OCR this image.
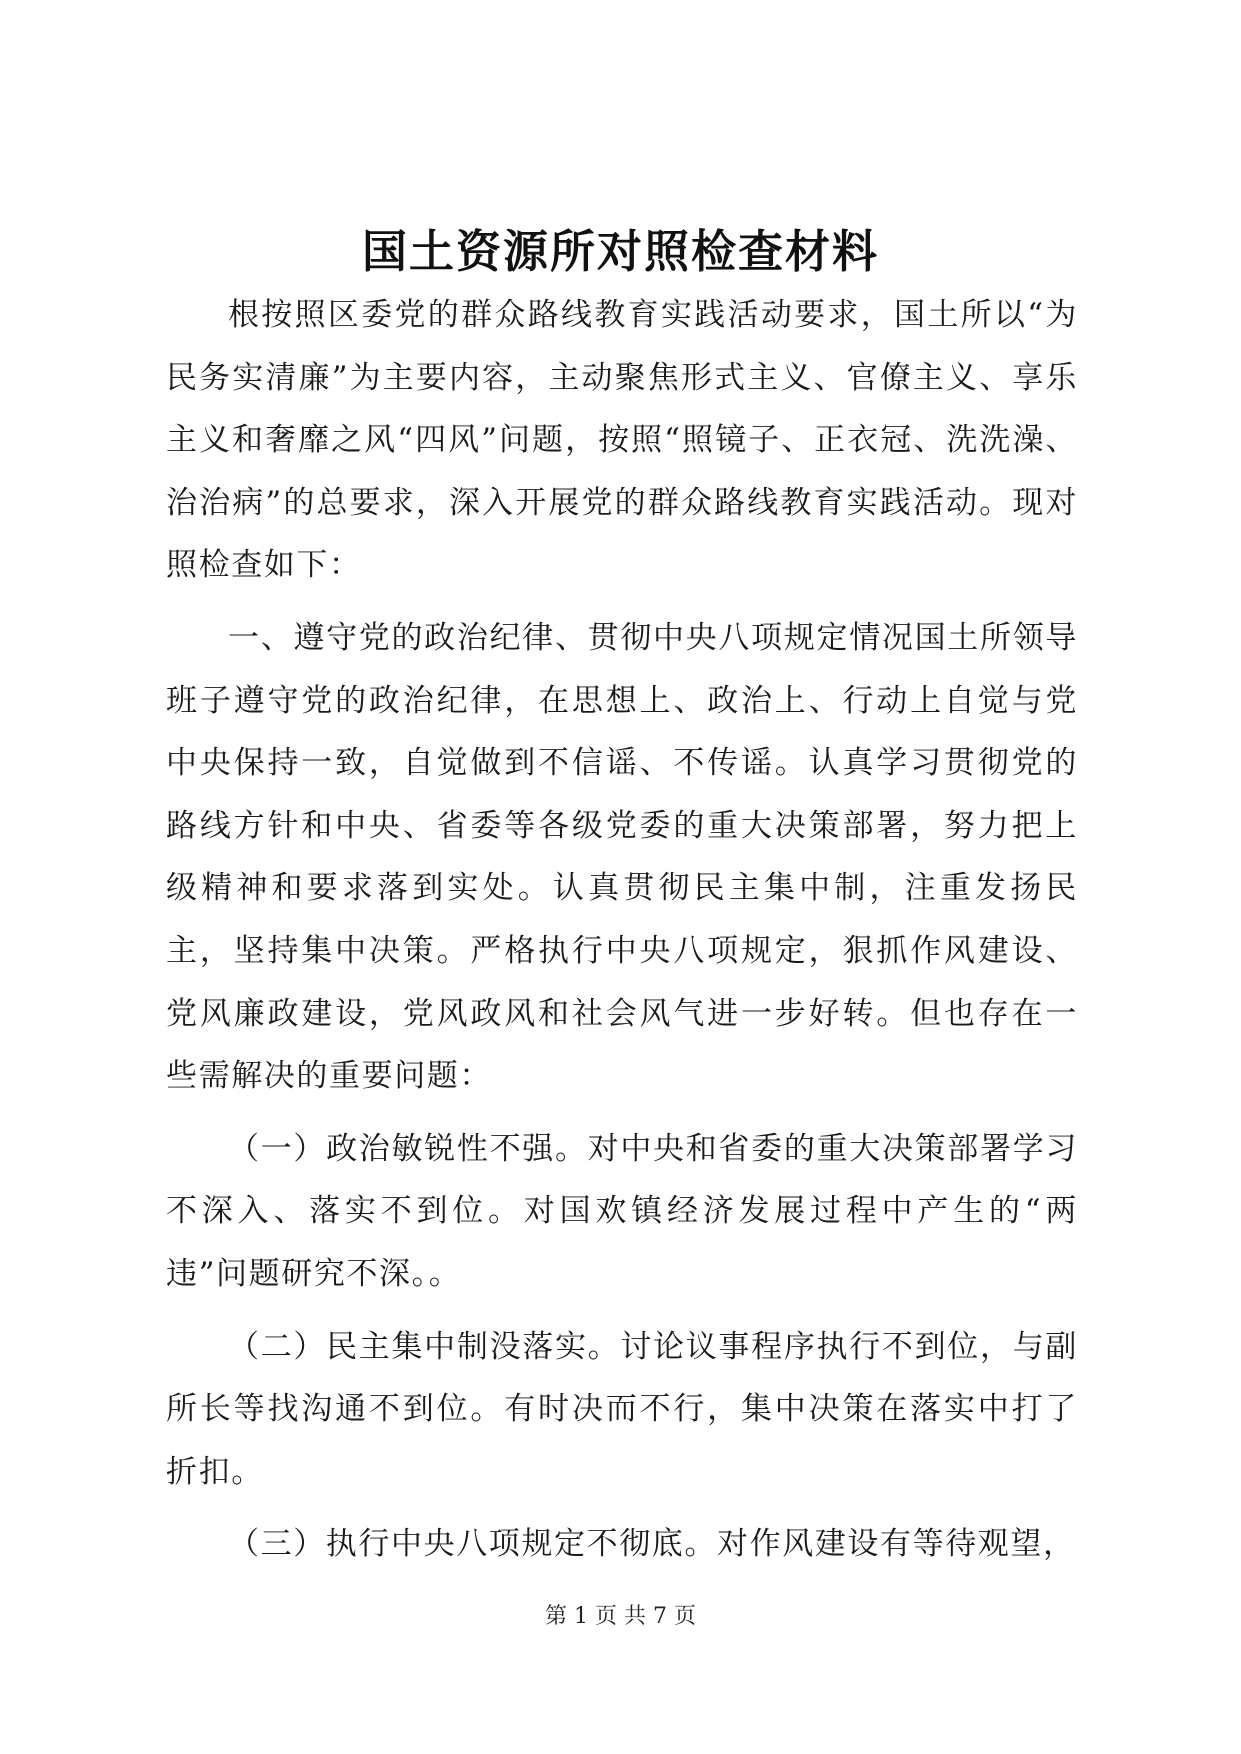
国土资源所对照检查材料

根按照区委党的群众路线教育实践活动要求，国土所以“为民务实清廉”为主要内容，主动聚焦形式主义、官僚主义、享乐主义和奢靡之风“四风”问题，按照“照镜子、正衣冠、洗洗澡、治治病”的总要求，深入开展党的群众路线教育实践活动。现对照检查如下：

一、遵守党的政治纪律、贯彻中央八项规定情况国土所领导班子遵守党的政治纪律，在思想上、政治上、行动上自觉与党中央保持一致，自觉做到不信谣、不传谣。认真学习贯彻党的路线方针和中央、省委等各级党委的重大决策部署，努力把上级精神和要求落到实处。认真贯彻民主集中制，注重发扬民主，坚持集中决策。严格执行中央八项规定，狠抓作风建设、党风廉政建设，党风政风和社会风气进一步好转。但也存在一些需解决的重要问题：

（一）政治敏锐性不强。对中央和省委的重大决策部署学习不深入、落实不到位。对国欢镇经济发展过程中产生的“两违”问题研究不深。。

（二）民主集中制没落实。讨论议事程序执行不到位，与副所长等找沟通不到位。有时决而不行，集中决策在落实中打了折扣。

（三）执行中央八项规定不彻底。对作风建设有等待观望，

第 1 页 共 7 页
